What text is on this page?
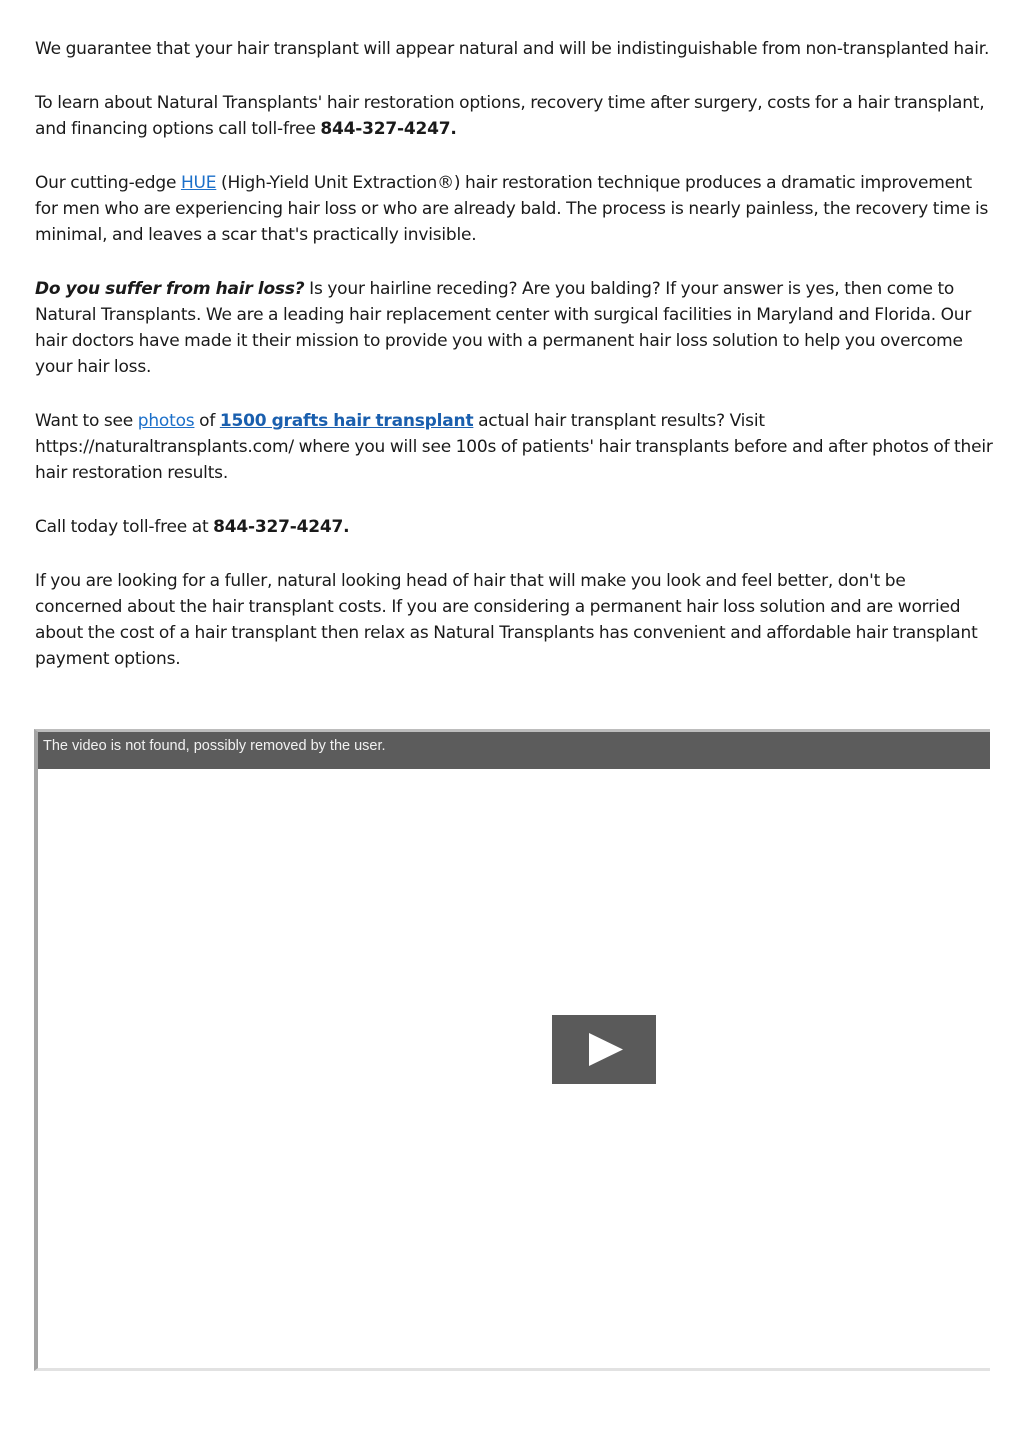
We guarantee that your hair transplant will appear natural and will be indistinguishable from non-transplanted hair.

To learn about Natural Transplants' hair restoration options, recovery time after surgery, costs for a hair transplant, and financing options call toll-free 844-327-4247.

Our cutting-edge HUE (High-Yield Unit Extraction®) hair restoration technique produces a dramatic improvement for men who are experiencing hair loss or who are already bald. The process is nearly painless, the recovery time is minimal, and leaves a scar that's practically invisible.

Do you suffer from hair loss? Is your hairline receding? Are you balding? If your answer is yes, then come to Natural Transplants. We are a leading hair replacement center with surgical facilities in Maryland and Florida. Our hair doctors have made it their mission to provide you with a permanent hair loss solution to help you overcome your hair loss.

Want to see photos of 1500 grafts hair transplant actual hair transplant results? Visit https://naturaltransplants.com/ where you will see 100s of patients' hair transplants before and after photos of their hair restoration results.

Call today toll-free at 844-327-4247.

If you are looking for a fuller, natural looking head of hair that will make you look and feel better, don't be concerned about the hair transplant costs. If you are considering a permanent hair loss solution and are worried about the cost of a hair transplant then relax as Natural Transplants has convenient and affordable hair transplant payment options.

The video is not found, possibly removed by the user.
